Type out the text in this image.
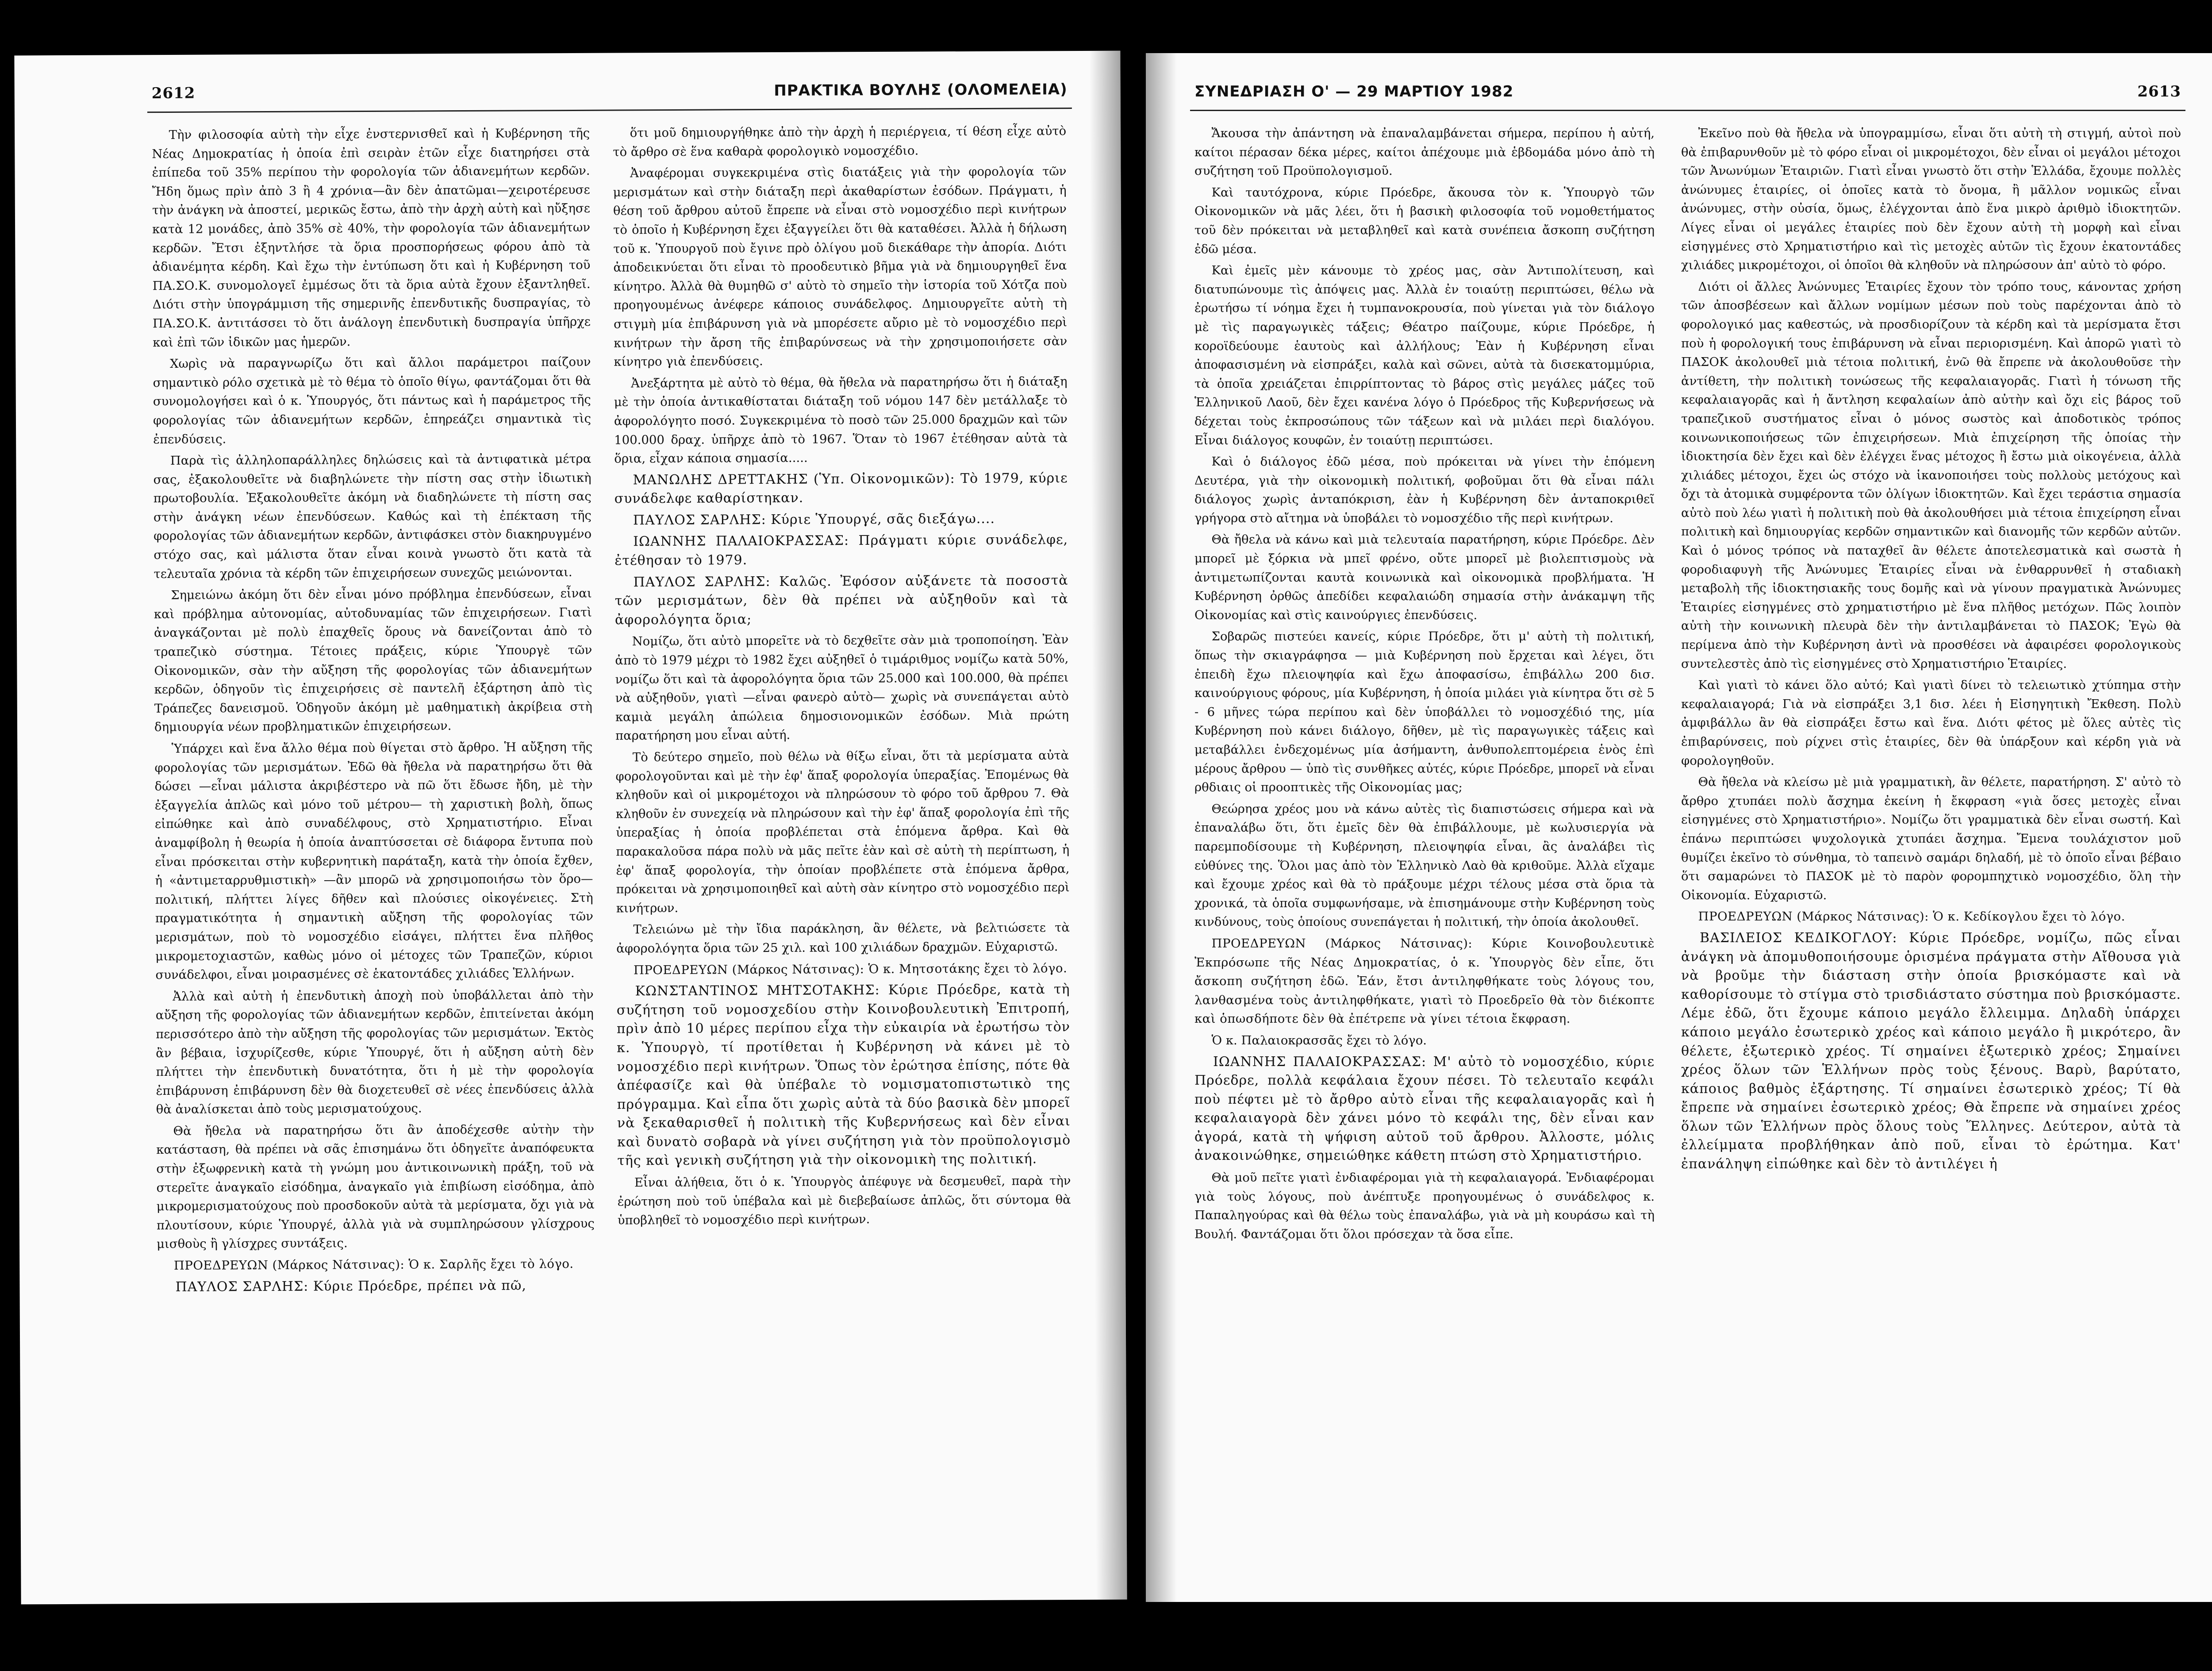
2612	ΠΡΑΚΤΙΚΑ ΒΟΥΛΗΣ (ΟΛΟΜΕΛΕΙΑ)

Τὴν φιλοσοφία αὐτὴ τὴν εἶχε ἐνστερνισθεῖ καὶ ἡ Κυβέρνηση τῆς Νέας Δημοκρατίας ἡ ὁποία ἐπὶ σειρὰν ἐτῶν εἶχε διατηρήσει στὰ ἐπίπεδα τοῦ 35% περίπου τὴν φορολογία τῶν ἀδιανεμήτων κερδῶν. Ἤδη ὅμως πρὶν ἀπὸ 3 ἢ 4 χρόνια—ἂν δὲν ἀπατῶμαι—χειροτέρευσε τὴν ἀνάγκη νὰ ἀποστεί, μερικῶς ἔστω, ἀπὸ τὴν ἀρχὴ αὐτὴ καὶ ηὔξησε κατὰ 12 μονάδες, ἀπὸ 35% σὲ 40%, τὴν φορολογία τῶν ἀδιανεμήτων κερδῶν. Ἔτσι ἐξηντλήσε τὰ ὅρια προσπορήσεως φόρου ἀπὸ τὰ ἀδιανέμητα κέρδη. Καὶ ἔχω τὴν ἐντύπωση ὅτι καὶ ἡ Κυβέρνηση τοῦ ΠΑ.ΣΟ.Κ. συνομολογεῖ ἐμμέσως ὅτι τὰ ὅρια αὐτὰ ἔχουν ἐξαντληθεῖ. Διότι στὴν ὑπογράμμιση τῆς σημερινῆς ἐπενδυτικῆς δυσπραγίας, τὸ ΠΑ.ΣΟ.Κ. ἀντιτάσσει τὸ ὅτι ἀνάλογη ἐπενδυτικὴ δυσπραγία ὑπῆρχε καὶ ἐπὶ τῶν ἰδικῶν μας ἡμερῶν.

Χωρὶς νὰ παραγνωρίζω ὅτι καὶ ἄλλοι παράμετροι παίζουν σημαντικὸ ρόλο σχετικὰ μὲ τὸ θέμα τὸ ὁποῖο θίγω, φαντάζομαι ὅτι θὰ συνομολογήσει καὶ ὁ κ. Ὑπουργός, ὅτι πάντως καὶ ἡ παράμετρος τῆς φορολογίας τῶν ἀδιανεμήτων κερδῶν, ἐπηρεάζει σημαντικὰ τὶς ἐπενδύσεις.

Παρὰ τὶς ἀλληλοπαράλληλες δηλώσεις καὶ τὰ ἀντιφατικὰ μέτρα σας, ἐξακολουθεῖτε νὰ διαβηλώνετε τὴν πίστη σας στὴν ἰδιωτικὴ πρωτοβουλία. Ἐξακολουθεῖτε ἀκόμη νὰ διαδηλώνετε τὴ πίστη σας στὴν ἀνάγκη νέων ἐπενδύσεων. Καθώς καὶ τὴ ἐπέκταση τῆς φορολογίας τῶν ἀδιανεμήτων κερδῶν, ἀντιφάσκει στὸν διακηρυγμένο στόχο σας, καὶ μάλιστα ὅταν εἶναι κοινὰ γνωστὸ ὅτι κατὰ τὰ τελευταῖα χρόνια τὰ κέρδη τῶν ἐπιχειρήσεων συνεχῶς μειώνονται.

Σημειώνω ἀκόμη ὅτι δὲν εἶναι μόνο πρόβλημα ἐπενδύσεων, εἶναι καὶ πρόβλημα αὐτονομίας, αὐτοδυναμίας τῶν ἐπιχειρήσεων. Γιατὶ ἀναγκάζονται μὲ πολὺ ἐπαχθεῖς ὅρους νὰ δανείζονται ἀπὸ τὸ τραπεζικὸ σύστημα. Τέτοιες πράξεις, κύριε Ὑπουργὲ τῶν Οἰκονομικῶν, σὰν τὴν αὔξηση τῆς φορολογίας τῶν ἀδιανεμήτων κερδῶν, ὁδηγοῦν τὶς ἐπιχειρήσεις σὲ παντελῆ ἐξάρτηση ἀπὸ τὶς Τράπεζες δανεισμοῦ. Ὁδηγοῦν ἀκόμη μὲ μαθηματικὴ ἀκρίβεια στὴ δημιουργία νέων προβληματικῶν ἐπιχειρήσεων.

Ὑπάρχει καὶ ἕνα ἄλλο θέμα ποὺ θίγεται στὸ ἄρθρο. Ἡ αὔξηση τῆς φορολογίας τῶν μερισμάτων. Ἐδῶ θὰ ἤθελα νὰ παρατηρήσω ὅτι θὰ δώσει —εἶναι μάλιστα ἀκριβέστερο νὰ πῶ ὅτι ἔδωσε ἤδη, μὲ τὴν ἐξαγγελία ἁπλῶς καὶ μόνο τοῦ μέτρου— τὴ χαριστικὴ βολὴ, ὅπως εἰπώθηκε καὶ ἀπὸ συναδέλφους, στὸ Χρηματιστήριο. Εἶναι ἀναμφίβολη ἡ θεωρία ἡ ὁποία ἀναπτύσσεται σὲ διάφορα ἔντυπα ποὺ εἶναι πρόσκειται στὴν κυβερνητικὴ παράταξη, κατὰ τὴν ὁποία ἔχθεν, ἡ «ἀντιμεταρρυθμιστικὴ» —ἂν μπορῶ νὰ χρησιμοποιήσω τὸν ὅρο— πολιτική, πλήττει λίγες δῆθεν καὶ πλούσιες οἰκογένειες. Στὴ πραγματικότητα ἡ σημαντικὴ αὔξηση τῆς φορολογίας τῶν μερισμάτων, ποὺ τὸ νομοσχέδιο εἰσάγει, πλήττει ἕνα πλῆθος μικρομετοχιαστῶν, καθὼς μόνο οἱ μέτοχες τῶν Τραπεζῶν, κύριοι συνάδελφοι, εἶναι μοιρασμένες σὲ ἑκατοντάδες χιλιάδες Ἑλλήνων.

Ἀλλὰ καὶ αὐτὴ ἡ ἐπενδυτικὴ ἀποχὴ ποὺ ὑποβάλλεται ἀπὸ τὴν αὔξηση τῆς φορολογίας τῶν ἀδιανεμήτων κερδῶν, ἐπιτείνεται ἀκόμη περισσότερο ἀπὸ τὴν αὔξηση τῆς φορολογίας τῶν μερισμάτων. Ἐκτὸς ἂν βέβαια, ἰσχυρίζεσθε, κύριε Ὑπουργέ, ὅτι ἡ αὔξηση αὐτὴ δὲν πλήττει τὴν ἐπενδυτικὴ δυνατότητα, ὅτι ἡ μὲ τὴν φορολογία ἐπιβάρυνση ἐπιβάρυνση δὲν θὰ διοχετευθεῖ σὲ νέες ἐπενδύσεις ἀλλὰ θὰ ἀναλίσκεται ἀπὸ τοὺς μερισματούχους.

Θὰ ἤθελα νὰ παρατηρήσω ὅτι ἂν ἀποδέχεσθε αὐτὴν τὴν κατάσταση, θὰ πρέπει νὰ σᾶς ἐπισημάνω ὅτι ὁδηγεῖτε ἀναπόφευκτα στὴν ἐξωφρενικὴ κατὰ τὴ γνώμη μου ἀντικοινωνικὴ πράξη, τοῦ νὰ στερεῖτε ἀναγκαῖο εἰσόδημα, ἀναγκαῖο γιὰ ἐπιβίωση εἰσόδημα, ἀπὸ μικρομερισματούχους ποὺ προσδοκοῦν αὐτὰ τὰ μερίσματα, ὄχι γιὰ νὰ πλουτίσουν, κύριε Ὑπουργέ, ἀλλὰ γιὰ νὰ συμπληρώσουν γλίσχρους μισθοὺς ἢ γλίσχρες συντάξεις.

ΠΡΟΕΔΡΕΥΩΝ (Μάρκος Νάτσινας): Ὁ κ. Σαρλῆς ἔχει τὸ λόγο.

ΠΑΥΛΟΣ ΣΑΡΛΗΣ: Κύριε Πρόεδρε, πρέπει νὰ πῶ,

ὅτι μοῦ δημιουργήθηκε ἀπὸ τὴν ἀρχὴ ἡ περιέργεια, τί θέση εἶχε αὐτὸ τὸ ἄρθρο σὲ ἕνα καθαρὰ φορολογικὸ νομοσχέδιο.

Ἀναφέρομαι συγκεκριμένα στὶς διατάξεις γιὰ τὴν φορολογία τῶν μερισμάτων καὶ στὴν διάταξη περὶ ἀκαθαρίστων ἐσόδων. Πράγματι, ἡ θέση τοῦ ἄρθρου αὐτοῦ ἔπρεπε νὰ εἶναι στὸ νομοσχέδιο περὶ κινήτρων τὸ ὁποῖο ἡ Κυβέρνηση ἔχει ἐξαγγείλει ὅτι θὰ καταθέσει. Ἀλλὰ ἡ δήλωση τοῦ κ. Ὑπουργοῦ ποὺ ἔγινε πρὸ ὀλίγου μοῦ διεκάθαρε τὴν ἀπορία. Διότι ἀποδεικνύεται ὅτι εἶναι τὸ προοδευτικὸ βῆμα γιὰ νὰ δημιουργηθεῖ ἕνα κίνητρο. Ἀλλὰ θὰ θυμηθῶ σ' αὐτὸ τὸ σημεῖο τὴν ἱστορία τοῦ Χότζα ποὺ προηγουμένως ἀνέφερε κάποιος συνάδελφος. Δημιουργεῖτε αὐτὴ τὴ στιγμὴ μία ἐπιβάρυνση γιὰ νὰ μπορέσετε αὔριο μὲ τὸ νομοσχέδιο περὶ κινήτρων τὴν ἄρση τῆς ἐπιβαρύνσεως νὰ τὴν χρησιμοποιήσετε σὰν κίνητρο γιὰ ἐπενδύσεις.

Ἀνεξάρτητα μὲ αὐτὸ τὸ θέμα, θὰ ἤθελα νὰ παρατηρήσω ὅτι ἡ διάταξη μὲ τὴν ὁποία ἀντικαθίσταται διάταξη τοῦ νόμου 147 δὲν μετάλλαξε τὸ ἀφορολόγητο ποσό. Συγκεκριμένα τὸ ποσὸ τῶν 25.000 δραχμῶν καὶ τῶν 100.000 δραχ. ὑπῆρχε ἀπὸ τὸ 1967. Ὅταν τὸ 1967 ἐτέθησαν αὐτὰ τὰ ὅρια, εἶχαν κάποια σημασία.....

ΜΑΝΩΛΗΣ ΔΡΕΤΤΑΚΗΣ (Ὑπ. Οἰκονομικῶν): Τὸ 1979, κύριε συνάδελφε καθαρίστηκαν.

ΠΑΥΛΟΣ ΣΑΡΛΗΣ: Κύριε Ὑπουργέ, σᾶς διεξάγω....

ΙΩΑΝΝΗΣ ΠΑΛΑΙΟΚΡΑΣΣΑΣ: Πράγματι κύριε συνάδελφε, ἐτέθησαν τὸ 1979.

ΠΑΥΛΟΣ ΣΑΡΛΗΣ: Καλῶς. Ἐφόσον αὐξάνετε τὰ ποσοστὰ τῶν μερισμάτων, δὲν θὰ πρέπει νὰ αὐξηθοῦν καὶ τὰ ἀφορολόγητα ὅρια;

Νομίζω, ὅτι αὐτὸ μπορεῖτε νὰ τὸ δεχθεῖτε σὰν μιὰ τροποποίηση. Ἐὰν ἀπὸ τὸ 1979 μέχρι τὸ 1982 ἔχει αὐξηθεῖ ὁ τιμάριθμος νομίζω κατὰ 50%, νομίζω ὅτι καὶ τὰ ἀφορολόγητα ὅρια τῶν 25.000 καὶ 100.000, θὰ πρέπει νὰ αὐξηθοῦν, γιατὶ —εἶναι φανερὸ αὐτὸ— χωρὶς νὰ συνεπάγεται αὐτὸ καμιὰ μεγάλη ἀπώλεια δημοσιονομικῶν ἐσόδων. Μιὰ πρώτη παρατήρηση μου εἶναι αὐτή.

Τὸ δεύτερο σημεῖο, ποὺ θέλω νὰ θίξω εἶναι, ὅτι τὰ μερίσματα αὐτὰ φορολογοῦνται καὶ μὲ τὴν ἐφ' ἅπαξ φορολογία ὑπεραξίας. Ἐπομένως θὰ κληθοῦν καὶ οἱ μικρομέτοχοι νὰ πληρώσουν τὸ φόρο τοῦ ἄρθρου 7. Θὰ κληθοῦν ἐν συνεχείᾳ νὰ πληρώσουν καὶ τὴν ἐφ' ἅπαξ φορολογία ἐπὶ τῆς ὑπεραξίας ἡ ὁποία προβλέπεται στὰ ἑπόμενα ἄρθρα. Καὶ θὰ παρακαλοῦσα πάρα πολὺ νὰ μᾶς πεῖτε ἐὰν καὶ σὲ αὐτὴ τὴ περίπτωση, ἡ ἐφ' ἅπαξ φορολογία, τὴν ὁποίαν προβλέπετε στὰ ἑπόμενα ἄρθρα, πρόκειται νὰ χρησιμοποιηθεῖ καὶ αὐτὴ σὰν κίνητρο στὸ νομοσχέδιο περὶ κινήτρων.

Τελειώνω μὲ τὴν ἴδια παράκληση, ἂν θέλετε, νὰ βελτιώσετε τὰ ἀφορολόγητα ὅρια τῶν 25 χιλ. καὶ 100 χιλιάδων δραχμῶν. Εὐχαριστῶ.

ΠΡΟΕΔΡΕΥΩΝ (Μάρκος Νάτσινας): Ὁ κ. Μητσοτάκης ἔχει τὸ λόγο.

ΚΩΝΣΤΑΝΤΙΝΟΣ ΜΗΤΣΟΤΑΚΗΣ: Κύριε Πρόεδρε, κατὰ τὴ συζήτηση τοῦ νομοσχεδίου στὴν Κοινοβουλευτικὴ Ἐπιτροπή, πρὶν ἀπὸ 10 μέρες περίπου εἶχα τὴν εὐκαιρία νὰ ἐρωτήσω τὸν κ. Ὑπουργὸ, τί προτίθεται ἡ Κυβέρνηση νὰ κάνει μὲ τὸ νομοσχέδιο περὶ κινήτρων. Ὅπως τὸν ἐρώτησα ἐπίσης, πότε θὰ ἀπέφασίζε καὶ θὰ ὑπέβαλε τὸ νομισματοπιστωτικὸ της πρόγραμμα. Καὶ εἶπα ὅτι χωρὶς αὐτὰ τὰ δύο βασικὰ δὲν μπορεῖ νὰ ξεκαθαρισθεῖ ἡ πολιτικὴ τῆς Κυβερνήσεως καὶ δὲν εἶναι καὶ δυνατὸ σοβαρὰ νὰ γίνει συζήτηση γιὰ τὸν προϋπολογισμὸ τῆς καὶ γενικὴ συζήτηση γιὰ τὴν οἰκονομικὴ της πολιτική.

Εἶναι ἀλήθεια, ὅτι ὁ κ. Ὑπουργὸς ἀπέφυγε νὰ δεσμευθεῖ, παρὰ τὴν ἐρώτηση ποὺ τοῦ ὑπέβαλα καὶ μὲ διεβεβαίωσε ἁπλῶς, ὅτι σύντομα θὰ ὑποβληθεῖ τὸ νομοσχέδιο περὶ κινήτρων.

ΣΥΝΕΔΡΙΑΣΗ Ο' — 29 ΜΑΡΤΙΟΥ 1982	2613

Ἄκουσα τὴν ἀπάντηση νὰ ἐπαναλαμβάνεται σήμερα, περίπου ἡ αὐτή, καίτοι πέρασαν δέκα μέρες, καίτοι ἀπέχουμε μιὰ ἑβδομάδα μόνο ἀπὸ τὴ συζήτηση τοῦ Προϋπολογισμοῦ.

Καὶ ταυτόχρονα, κύριε Πρόεδρε, ἄκουσα τὸν κ. Ὑπουργὸ τῶν Οἰκονομικῶν νὰ μᾶς λέει, ὅτι ἡ βασικὴ φιλοσοφία τοῦ νομοθετήματος τοῦ δὲν πρόκειται νὰ μεταβληθεῖ καὶ κατὰ συνέπεια ἄσκοπη συζήτηση ἐδῶ μέσα.

Καὶ ἐμεῖς μὲν κάνουμε τὸ χρέος μας, σὰν Ἀντιπολίτευση, καὶ διατυπώνουμε τὶς ἀπόψεις μας. Ἀλλὰ ἐν τοιαύτῃ περιπτώσει, θέλω νὰ ἐρωτήσω τί νόημα ἔχει ἡ τυμπανοκρουσία, ποὺ γίνεται γιὰ τὸν διάλογο μὲ τὶς παραγωγικὲς τάξεις; Θέατρο παίζουμε, κύριε Πρόεδρε, ἡ κοροϊδεύουμε ἑαυτοὺς καὶ ἀλλήλους; Ἐὰν ἡ Κυβέρνηση εἶναι ἀποφασισμένη νὰ εἰσπράξει, καλὰ καὶ σῶνει, αὐτὰ τὰ δισεκατομμύρια, τὰ ὁποῖα χρειάζεται ἐπιρρίπτοντας τὸ βάρος στὶς μεγάλες μάζες τοῦ Ἑλληνικοῦ Λαοῦ, δὲν ἔχει κανένα λόγο ὁ Πρόεδρος τῆς Κυβερνήσεως νὰ δέχεται τοὺς ἐκπροσώπους τῶν τάξεων καὶ νὰ μιλάει περὶ διαλόγου. Εἶναι διάλογος κουφῶν, ἐν τοιαύτῃ περιπτώσει.

Καὶ ὁ διάλογος ἐδῶ μέσα, ποὺ πρόκειται νὰ γίνει τὴν ἐπόμενη Δευτέρα, γιὰ τὴν οἰκονομικὴ πολιτική, φοβοῦμαι ὅτι θὰ εἶναι πάλι διάλογος χωρὶς ἀνταπόκριση, ἐὰν ἡ Κυβέρνηση δὲν ἀνταποκριθεῖ γρήγορα στὸ αἴτημα νὰ ὑποβάλει τὸ νομοσχέδιο τῆς περὶ κινήτρων.

Θὰ ἤθελα νὰ κάνω καὶ μιὰ τελευταία παρατήρηση, κύριε Πρόεδρε. Δὲν μπορεῖ μὲ ξόρκια νὰ μπεῖ φρένο, οὔτε μπορεῖ μὲ βιολεπτισμοὺς νὰ ἀντιμετωπίζονται καυτὰ κοινωνικὰ καὶ οἰκονομικὰ προβλήματα. Ἡ Κυβέρνηση ὀρθῶς ἀπεδίδει κεφαλαιώδη σημασία στὴν ἀνάκαμψη τῆς Οἰκονομίας καὶ στὶς καινούργιες ἐπενδύσεις.

Σοβαρῶς πιστεύει κανείς, κύριε Πρόεδρε, ὅτι μ' αὐτὴ τὴ πολιτική, ὅπως τὴν σκιαγράφησα — μιὰ Κυβέρνηση ποὺ ἔρχεται καὶ λέγει, ὅτι ἐπειδὴ ἔχω πλειοψηφία καὶ ἔχω ἀποφασίσω, ἐπιβάλλω 200 δισ. καινούργιους φόρους, μία Κυβέρνηση, ἡ ὁποία μιλάει γιὰ κίνητρα ὅτι σὲ 5 - 6 μῆνες τώρα περίπου καὶ δὲν ὑποβάλλει τὸ νομοσχέδιό της, μία Κυβέρνηση ποὺ κάνει διάλογο, δῆθεν, μὲ τὶς παραγωγικὲς τάξεις καὶ μεταβάλλει ἐνδεχομένως μία ἀσήμαντη, ἀνθυπολεπτομέρεια ἑνὸς ἐπὶ μέρους ἄρθρου — ὑπὸ τὶς συνθῆκες αὐτές, κύριε Πρόεδρε, μπορεῖ νὰ εἶναι ρθδιαις οἱ προοπτικὲς τῆς Οἰκονομίας μας;

Θεώρησα χρέος μου νὰ κάνω αὐτὲς τὶς διαπιστώσεις σήμερα καὶ νὰ ἐπαναλάβω ὅτι, ὅτι ἐμεῖς δὲν θὰ ἐπιβάλλουμε, μὲ κωλυσιεργία νὰ παρεμποδίσουμε τὴ Κυβέρνηση, πλειοψηφία εἶναι, ἂς ἀναλάβει τὶς εὐθύνες της. Ὅλοι μας ἀπὸ τὸν Ἑλληνικὸ Λαὸ θὰ κριθοῦμε. Ἀλλὰ εἴχαμε καὶ ἔχουμε χρέος καὶ θὰ τὸ πράξουμε μέχρι τέλους μέσα στὰ ὅρια τὰ χρονικά, τὰ ὁποῖα συμφωνήσαμε, νὰ ἐπισημάνουμε στὴν Κυβέρνηση τοὺς κινδύνους, τοὺς ὁποίους συνεπάγεται ἡ πολιτική, τὴν ὁποία ἀκολουθεῖ.

ΠΡΟΕΔΡΕΥΩΝ (Μάρκος Νάτσινας): Κύριε Κοινοβουλευτικὲ Ἐκπρόσωπε τῆς Νέας Δημοκρατίας, ὁ κ. Ὑπουργὸς δὲν εἶπε, ὅτι ἄσκοπη συζήτηση ἐδῶ. Ἐάν, ἔτσι ἀντιληφθήκατε τοὺς λόγους του, λανθασμένα τοὺς ἀντιληφθήκατε, γιατὶ τὸ Προεδρεῖο θὰ τὸν διέκοπτε καὶ ὁπωσδήποτε δὲν θὰ ἐπέτρεπε νὰ γίνει τέτοια ἔκφραση.

Ὁ κ. Παλαιοκρασσᾶς ἔχει τὸ λόγο.

ΙΩΑΝΝΗΣ ΠΑΛΑΙΟΚΡΑΣΣΑΣ: Μ' αὐτὸ τὸ νομοσχέδιο, κύριε Πρόεδρε, πολλὰ κεφάλαια ἔχουν πέσει. Τὸ τελευταῖο κεφάλι ποὺ πέφτει μὲ τὸ ἄρθρο αὐτὸ εἶναι τῆς κεφαλαιαγορᾶς καὶ ἡ κεφαλαιαγορὰ δὲν χάνει μόνο τὸ κεφάλι της, δὲν εἶναι καν ἀγορά, κατὰ τὴ ψήφιση αὐτοῦ τοῦ ἄρθρου. Ἀλλοστε, μόλις ἀνακοινώθηκε, σημειώθηκε κάθετη πτώση στὸ Χρηματιστήριο.

Θὰ μοῦ πεῖτε γιατὶ ἐνδιαφέρομαι γιὰ τὴ κεφαλαιαγορά. Ἐνδιαφέρομαι γιὰ τοὺς λόγους, ποὺ ἀνέπτυξε προηγουμένως ὁ συνάδελφος κ. Παπαληγούρας καὶ θὰ θέλω τοὺς ἐπαναλάβω, γιὰ νὰ μὴ κουράσω καὶ τὴ Βουλή. Φαντάζομαι ὅτι ὅλοι πρόσεχαν τὰ ὅσα εἶπε.

Ἐκεῖνο ποὺ θὰ ἤθελα νὰ ὑπογραμμίσω, εἶναι ὅτι αὐτὴ τὴ στιγμή, αὐτοὶ ποὺ θὰ ἐπιβαρυνθοῦν μὲ τὸ φόρο εἶναι οἱ μικρομέτοχοι, δὲν εἶναι οἱ μεγάλοι μέτοχοι τῶν Ἀνωνύμων Ἑταιριῶν. Γιατὶ εἶναι γνωστὸ ὅτι στὴν Ἑλλάδα, ἔχουμε πολλὲς ἀνώνυμες ἑταιρίες, οἱ ὁποῖες κατὰ τὸ ὄνομα, ἢ μᾶλλον νομικῶς εἶναι ἀνώνυμες, στὴν οὐσία, ὅμως, ἐλέγχονται ἀπὸ ἕνα μικρὸ ἀριθμὸ ἰδιοκτητῶν. Λίγες εἶναι οἱ μεγάλες ἑταιρίες ποὺ δὲν ἔχουν αὐτὴ τὴ μορφὴ καὶ εἶναι εἰσηγμένες στὸ Χρηματιστήριο καὶ τὶς μετοχὲς αὐτῶν τὶς ἔχουν ἑκατοντάδες χιλιάδες μικρομέτοχοι, οἱ ὁποῖοι θὰ κληθοῦν νὰ πληρώσουν ἀπ' αὐτὸ τὸ φόρο.

Διότι οἱ ἄλλες Ἀνώνυμες Ἑταιρίες ἔχουν τὸν τρόπο τους, κάνοντας χρήση τῶν ἀποσβέσεων καὶ ἄλλων νομίμων μέσων ποὺ τοὺς παρέχονται ἀπὸ τὸ φορολογικό μας καθεστώς, νὰ προσδιορίζουν τὰ κέρδη καὶ τὰ μερίσματα ἔτσι ποὺ ἡ φορολογική τους ἐπιβάρυνση νὰ εἶναι περιορισμένη. Καὶ ἀπορῶ γιατὶ τὸ ΠΑΣΟΚ ἀκολουθεῖ μιὰ τέτοια πολιτική, ἐνῶ θὰ ἔπρεπε νὰ ἀκολουθοῦσε τὴν ἀντίθετη, τὴν πολιτικὴ τονώσεως τῆς κεφαλαιαγορᾶς. Γιατὶ ἡ τόνωση τῆς κεφαλαιαγορᾶς καὶ ἡ ἄντληση κεφαλαίων ἀπὸ αὐτὴν καὶ ὄχι εἰς βάρος τοῦ τραπεζικοῦ συστήματος εἶναι ὁ μόνος σωστὸς καὶ ἀποδοτικὸς τρόπος κοινωνικοποιήσεως τῶν ἐπιχειρήσεων. Μιὰ ἐπιχείρηση τῆς ὁποίας τὴν ἰδιοκτησία δὲν ἔχει καὶ δὲν ἐλέγχει ἕνας μέτοχος ἢ ἔστω μιὰ οἰκογένεια, ἀλλὰ χιλιάδες μέτοχοι, ἔχει ὡς στόχο νὰ ἱκανοποιήσει τοὺς πολλοὺς μετόχους καὶ ὄχι τὰ ἀτομικὰ συμφέροντα τῶν ὀλίγων ἰδιοκτητῶν. Καὶ ἔχει τεράστια σημασία αὐτὸ ποὺ λέω γιατὶ ἡ πολιτικὴ ποὺ θὰ ἀκολουθήσει μιὰ τέτοια ἐπιχείρηση εἶναι πολιτικὴ καὶ δημιουργίας κερδῶν σημαντικῶν καὶ διανομῆς τῶν κερδῶν αὐτῶν. Καὶ ὁ μόνος τρόπος νὰ παταχθεῖ ἂν θέλετε ἀποτελεσματικὰ καὶ σωστὰ ἡ φοροδιαφυγὴ τῆς Ἀνώνυμες Ἑταιρίες εἶναι νὰ ἐνθαρρυνθεῖ ἡ σταδιακὴ μεταβολὴ τῆς ἰδιοκτησιακῆς τους δομῆς καὶ νὰ γίνουν πραγματικὰ Ἀνώνυμες Ἑταιρίες εἰσηγμένες στὸ χρηματιστήριο μὲ ἕνα πλῆθος μετόχων. Πῶς λοιπὸν αὐτὴ τὴν κοινωνικὴ πλευρὰ δὲν τὴν ἀντιλαμβάνεται τὸ ΠΑΣΟΚ; Ἐγὼ θὰ περίμενα ἀπὸ τὴν Κυβέρνηση ἀντὶ νὰ προσθέσει νὰ ἀφαιρέσει φορολογικοὺς συντελεστὲς ἀπὸ τὶς εἰσηγμένες στὸ Χρηματιστήριο Ἑταιρίες.

Καὶ γιατὶ τὸ κάνει ὅλο αὐτό; Καὶ γιατὶ δίνει τὸ τελειωτικὸ χτύπημα στὴν κεφαλαιαγορά; Γιὰ νὰ εἰσπράξει 3,1 δισ. λέει ἡ Εἰσηγητικὴ Ἔκθεση. Πολὺ ἀμφιβάλλω ἂν θὰ εἰσπράξει ἔστω καὶ ἕνα. Διότι φέτος μὲ ὅλες αὐτὲς τὶς ἐπιβαρύνσεις, ποὺ ρίχνει στὶς ἑταιρίες, δὲν θὰ ὑπάρξουν καὶ κέρδη γιὰ νὰ φορολογηθοῦν.

Θὰ ἤθελα νὰ κλείσω μὲ μιὰ γραμματικὴ, ἂν θέλετε, παρατήρηση. Σ' αὐτὸ τὸ ἄρθρο χτυπάει πολὺ ἄσχημα ἐκείνη ἡ ἔκφραση «γιὰ ὅσες μετοχὲς εἶναι εἰσηγμένες στὸ Χρηματιστήριο». Νομίζω ὅτι γραμματικὰ δὲν εἶναι σωστή. Καὶ ἐπάνω περιπτώσει ψυχολογικὰ χτυπάει ἄσχημα. Ἔμενα τουλάχιστον μοῦ θυμίζει ἐκεῖνο τὸ σύνθημα, τὸ ταπεινὸ σαμάρι δηλαδή, μὲ τὸ ὁποῖο εἶναι βέβαιο ὅτι σαμαρώνει τὸ ΠΑΣΟΚ μὲ τὸ παρὸν φορομπηχτικὸ νομοσχέδιο, ὅλη τὴν Οἰκονομία. Εὐχαριστῶ.

ΠΡΟΕΔΡΕΥΩΝ (Μάρκος Νάτσινας): Ὁ κ. Κεδίκογλου ἔχει τὸ λόγο.

ΒΑΣΙΛΕΙΟΣ ΚΕΔΙΚΟΓΛΟΥ: Κύριε Πρόεδρε, νομίζω, πῶς εἶναι ἀνάγκη νὰ ἀπομυθοποιήσουμε ὁρισμένα πράγματα στὴν Αἴθουσα γιὰ νὰ βροῦμε τὴν διάσταση στὴν ὁποία βρισκόμαστε καὶ νὰ καθορίσουμε τὸ στίγμα στὸ τρισδιάστατο σύστημα ποὺ βρισκόμαστε. Λέμε ἐδῶ, ὅτι ἔχουμε κάποιο μεγάλο ἔλλειμμα. Δηλαδὴ ὑπάρχει κάποιο μεγάλο ἐσωτερικὸ χρέος καὶ κάποιο μεγάλο ἢ μικρότερο, ἂν θέλετε, ἐξωτερικὸ χρέος. Τί σημαίνει ἐξωτερικὸ χρέος; Σημαίνει χρέος ὅλων τῶν Ἑλλήνων πρὸς τοὺς ξένους. Βαρὺ, βαρύτατο, κάποιος βαθμὸς ἐξάρτησης. Τί σημαίνει ἐσωτερικὸ χρέος; Τί θὰ ἔπρεπε νὰ σημαίνει ἐσωτερικὸ χρέος; Θὰ ἔπρεπε νὰ σημαίνει χρέος ὅλων τῶν Ἑλλήνων πρὸς ὅλους τοὺς Ἕλληνες. Δεύτερον, αὐτὰ τὰ ἐλλείμματα προβλήθηκαν ἀπὸ ποῦ, εἶναι τὸ ἐρώτημα. Κατ' ἐπανάληψη εἰπώθηκε καὶ δὲν τὸ ἀντιλέγει ἡ
